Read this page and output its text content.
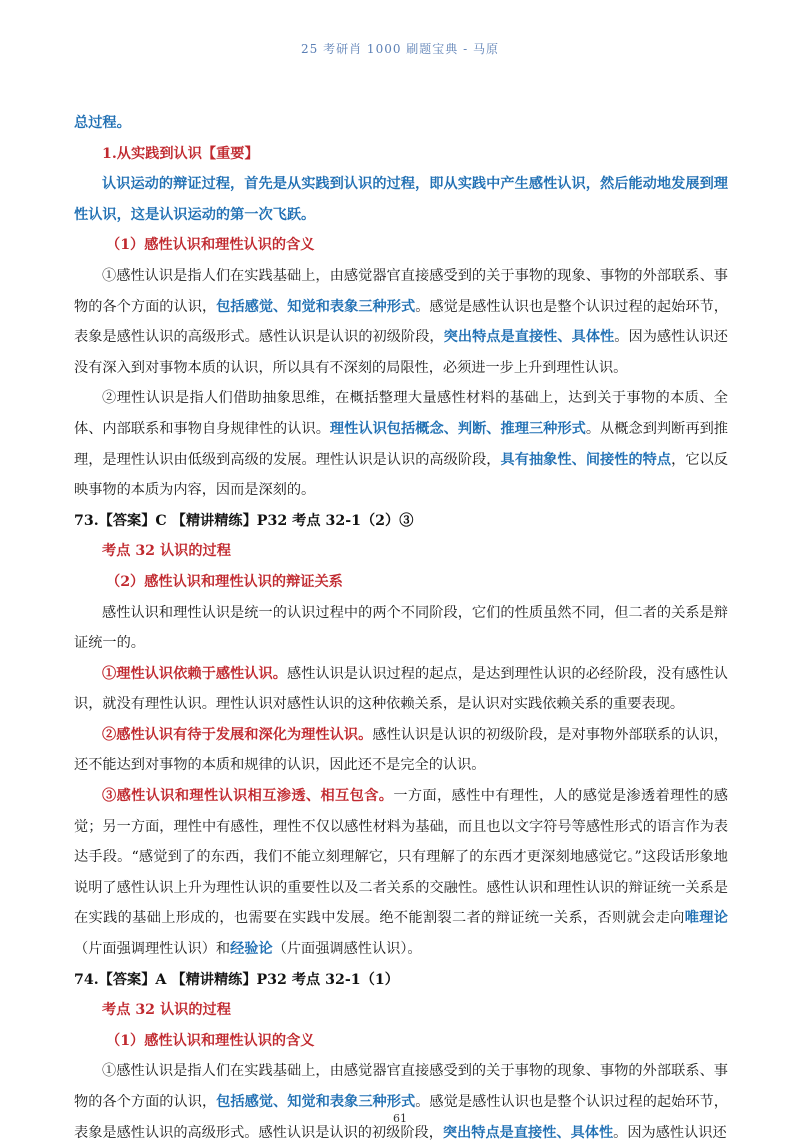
25 考研肖 1000 刷题宝典 - 马原

总过程。

1.从实践到认识【重要】

认识运动的辩证过程，首先是从实践到认识的过程，即从实践中产生感性认识，然后能动地发展到理性认识，这是认识运动的第一次飞跃。

（1）感性认识和理性认识的含义

①感性认识是指人们在实践基础上，由感觉器官直接感受到的关于事物的现象、事物的外部联系、事物的各个方面的认识，包括感觉、知觉和表象三种形式。感觉是感性认识也是整个认识过程的起始环节，表象是感性认识的高级形式。感性认识是认识的初级阶段，突出特点是直接性、具体性。因为感性认识还没有深入到对事物本质的认识，所以具有不深刻的局限性，必须进一步上升到理性认识。

②理性认识是指人们借助抽象思维，在概括整理大量感性材料的基础上，达到关于事物的本质、全体、内部联系和事物自身规律性的认识。理性认识包括概念、判断、推理三种形式。从概念到判断再到推理，是理性认识由低级到高级的发展。理性认识是认识的高级阶段，具有抽象性、间接性的特点，它以反映事物的本质为内容，因而是深刻的。

73.【答案】C 【精讲精练】P32 考点 32-1（2）③

考点 32 认识的过程

（2）感性认识和理性认识的辩证关系

感性认识和理性认识是统一的认识过程中的两个不同阶段，它们的性质虽然不同，但二者的关系是辩证统一的。

①理性认识依赖于感性认识。感性认识是认识过程的起点，是达到理性认识的必经阶段，没有感性认识，就没有理性认识。理性认识对感性认识的这种依赖关系，是认识对实践依赖关系的重要表现。

②感性认识有待于发展和深化为理性认识。感性认识是认识的初级阶段，是对事物外部联系的认识，还不能达到对事物的本质和规律的认识，因此还不是完全的认识。

③感性认识和理性认识相互渗透、相互包含。一方面，感性中有理性，人的感觉是渗透着理性的感觉；另一方面，理性中有感性，理性不仅以感性材料为基础，而且也以文字符号等感性形式的语言作为表达手段。“感觉到了的东西，我们不能立刻理解它，只有理解了的东西才更深刻地感觉它。”这段话形象地说明了感性认识上升为理性认识的重要性以及二者关系的交融性。感性认识和理性认识的辩证统一关系是在实践的基础上形成的，也需要在实践中发展。绝不能割裂二者的辩证统一关系，否则就会走向唯理论（片面强调理性认识）和经验论（片面强调感性认识）。

74.【答案】A 【精讲精练】P32 考点 32-1（1）

考点 32 认识的过程

（1）感性认识和理性认识的含义

①感性认识是指人们在实践基础上，由感觉器官直接感受到的关于事物的现象、事物的外部联系、事物的各个方面的认识，包括感觉、知觉和表象三种形式。感觉是感性认识也是整个认识过程的起始环节，表象是感性认识的高级形式。感性认识是认识的初级阶段，突出特点是直接性、具体性。因为感性认识还

61
